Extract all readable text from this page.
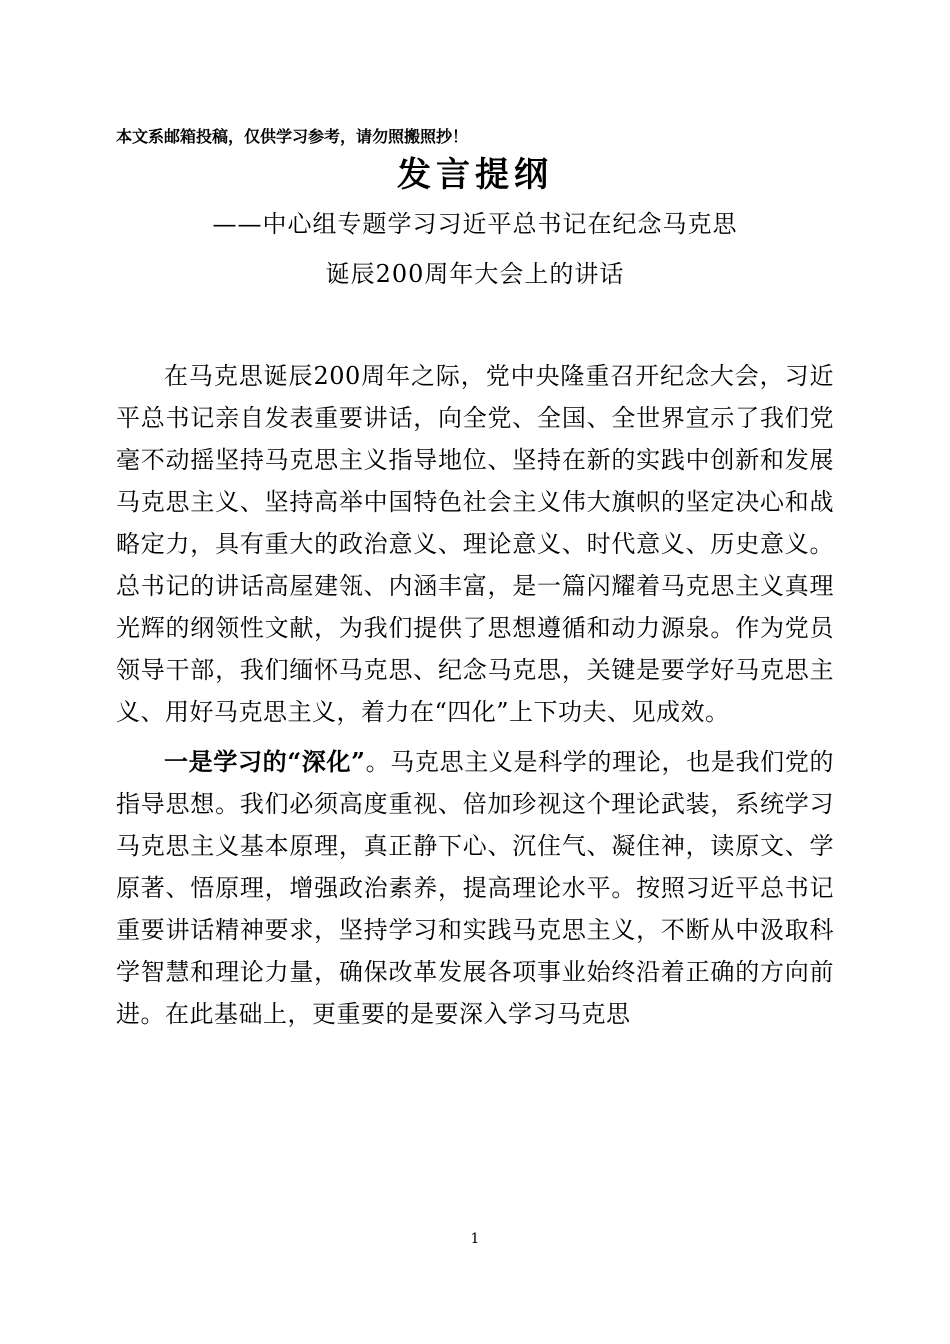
本文系邮箱投稿，仅供学习参考，请勿照搬照抄！
发言提纲
——中心组专题学习习近平总书记在纪念马克思
诞辰200周年大会上的讲话

在马克思诞辰200周年之际，党中央隆重召开纪念大会，习近平总书记亲自发表重要讲话，向全党、全国、全世界宣示了我们党毫不动摇坚持马克思主义指导地位、坚持在新的实践中创新和发展马克思主义、坚持高举中国特色社会主义伟大旗帜的坚定决心和战略定力，具有重大的政治意义、理论意义、时代意义、历史意义。总书记的讲话高屋建瓴、内涵丰富，是一篇闪耀着马克思主义真理光辉的纲领性文献，为我们提供了思想遵循和动力源泉。作为党员领导干部，我们缅怀马克思、纪念马克思，关键是要学好马克思主义、用好马克思主义，着力在“四化”上下功夫、见成效。

一是学习的“深化”。马克思主义是科学的理论，也是我们党的指导思想。我们必须高度重视、倍加珍视这个理论武装，系统学习马克思主义基本原理，真正静下心、沉住气、凝住神，读原文、学原著、悟原理，增强政治素养，提高理论水平。按照习近平总书记重要讲话精神要求，坚持学习和实践马克思主义，不断从中汲取科学智慧和理论力量，确保改革发展各项事业始终沿着正确的方向前进。在此基础上，更重要的是要深入学习马克思

1
